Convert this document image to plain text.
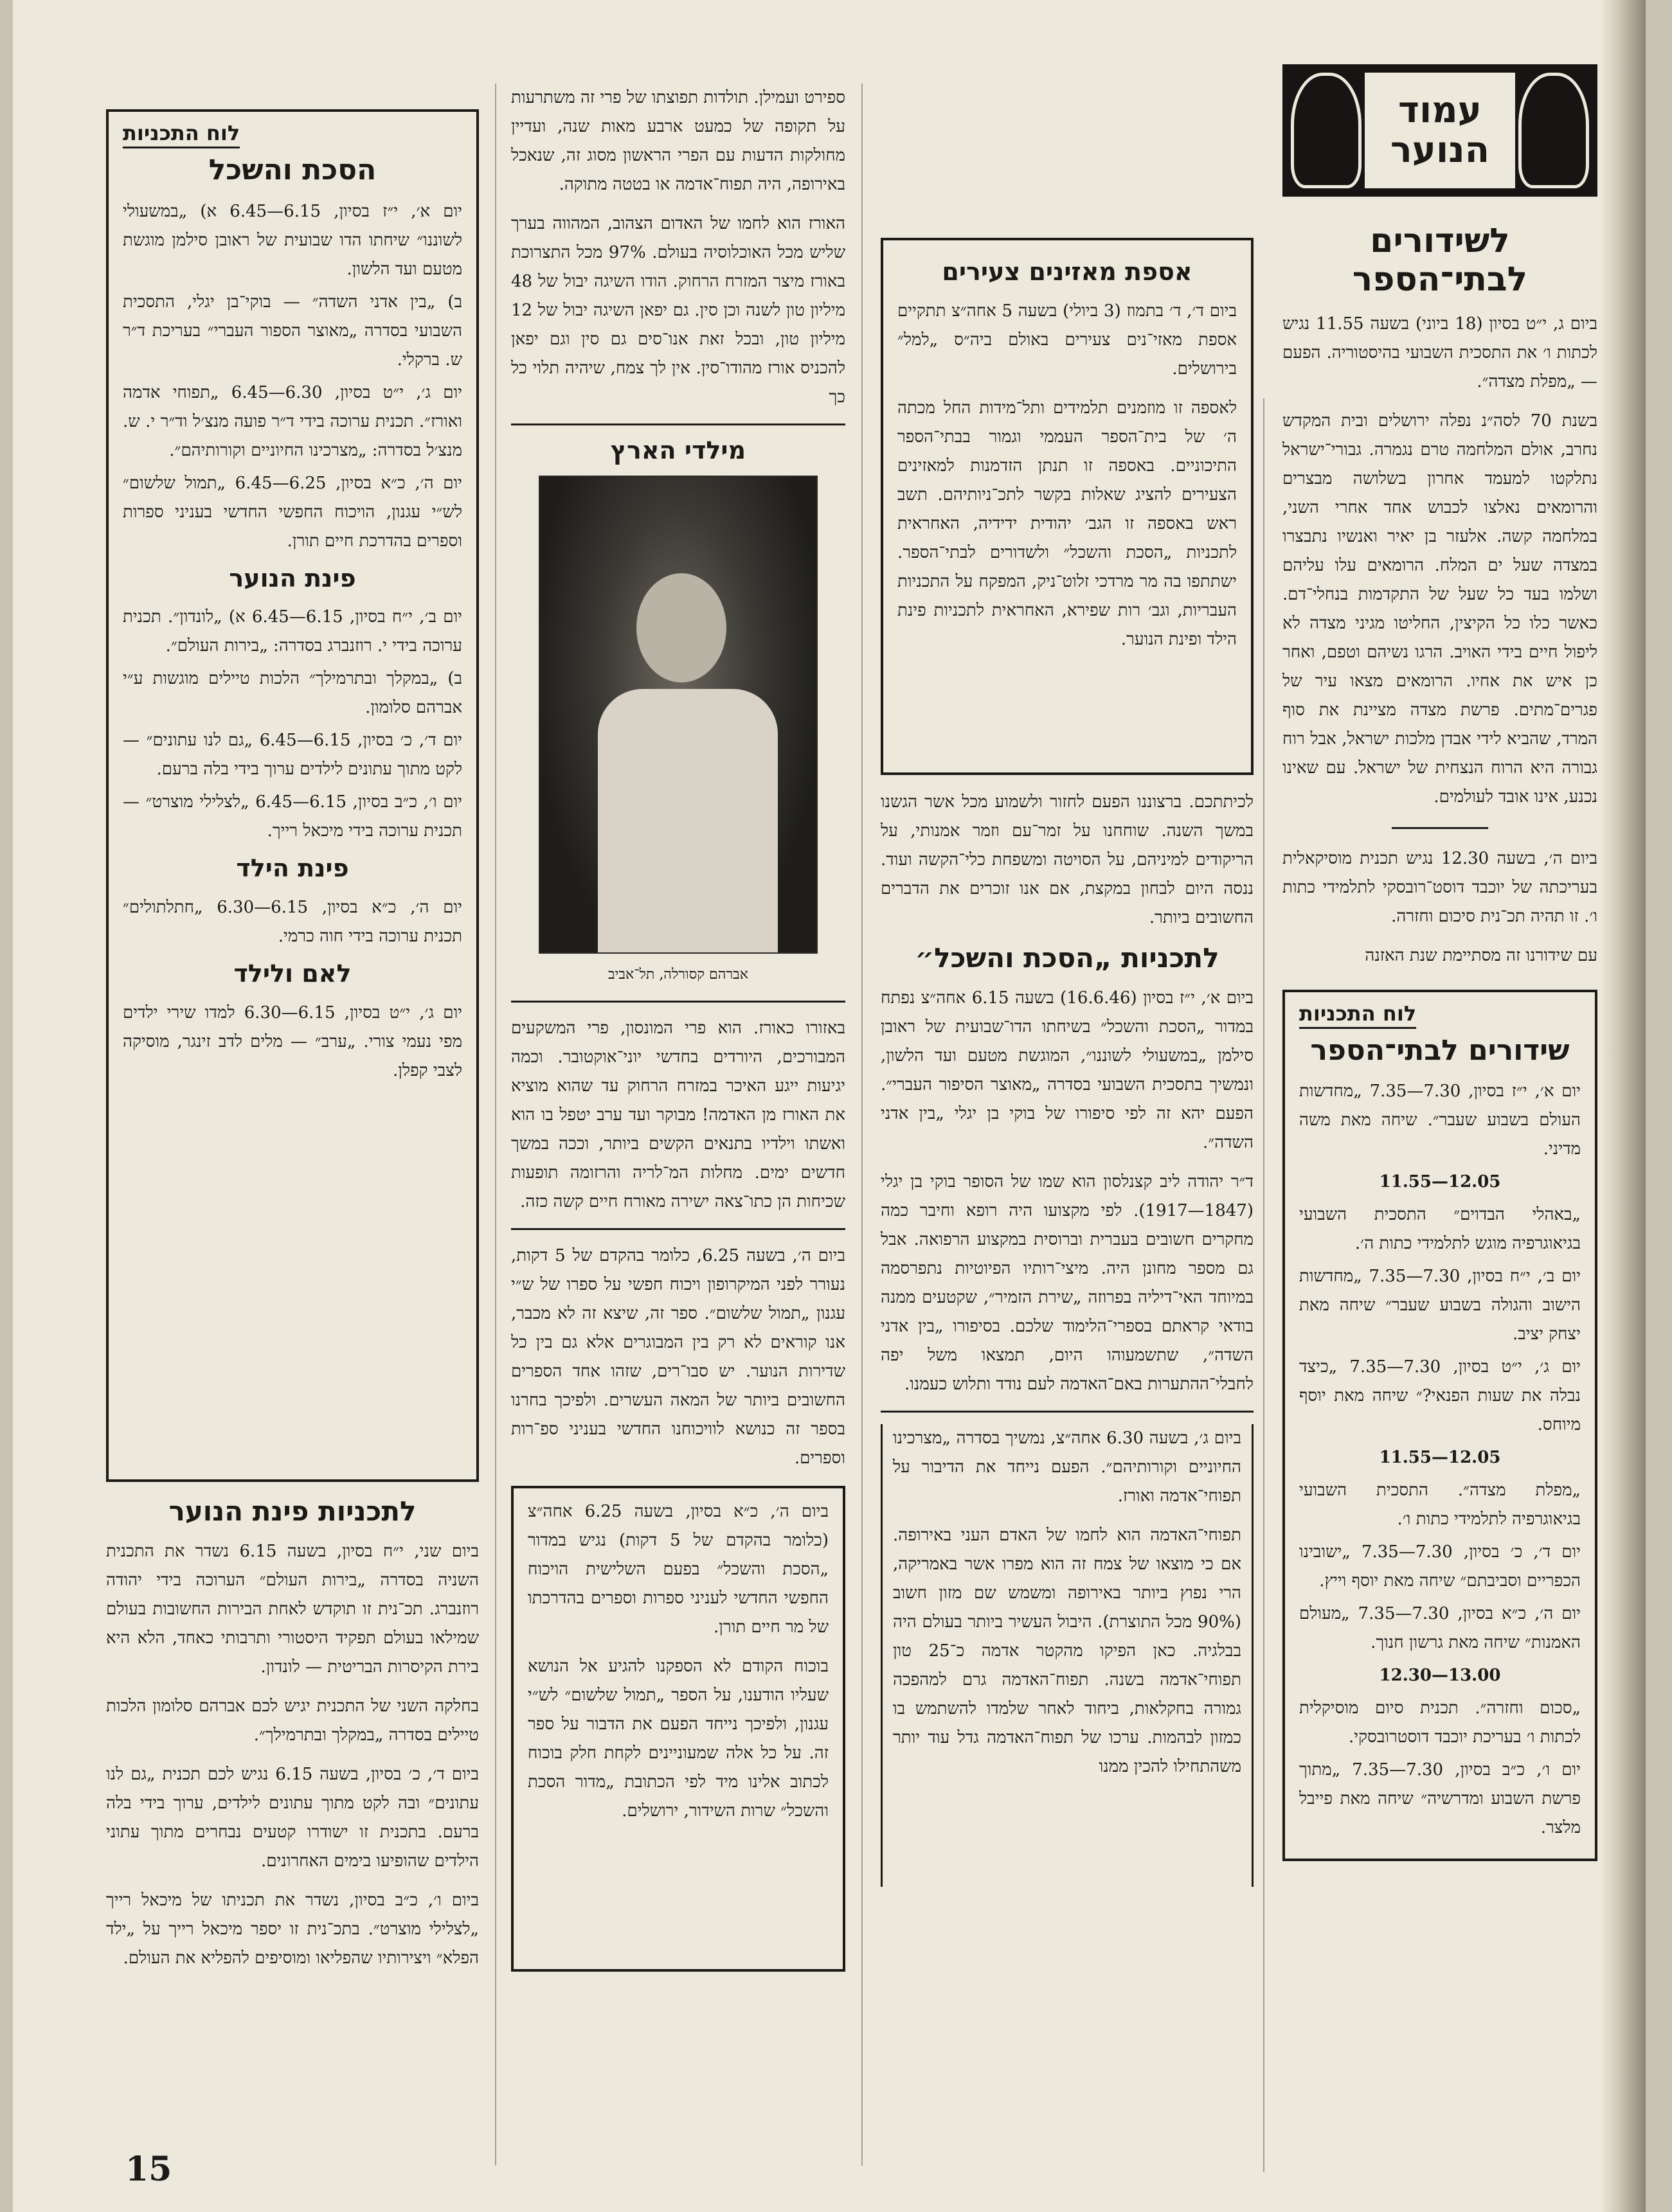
עמוד הנוער
לשידורים לבתי־הספר

ביום ג, י״ט בסיון (18 ביוני) בשעה 11.55 נגיש לכתות ו׳ את התסכית השבועי בהיסטוריה. הפעם — „מפלת מצדה״.

בשנת 70 לסה״נ נפלה ירושלים ובית המקדש נחרב, אולם המלחמה טרם נגמרה. גבורי־ישראל נתלקטו למעמד אחרון בשלושה מבצרים והרומאים נאלצו לכבוש אחד אחרי השני, במלחמה קשה. אלעזר בן יאיר ואנשיו נתבצרו במצדה שעל ים המלח. הרומאים עלו עליהם ושלמו בעד כל שעל של התקדמות בנחלי־דם. כאשר כלו כל הקיצין, החליטו מגיני מצדה לא ליפול חיים בידי האויב. הרגו נשיהם וטפם, ואחר כן איש את אחיו. הרומאים מצאו עיר של פגרים־מתים. פרשת מצדה מציינת את סוף המרד, שהביא לידי אבדן מלכות ישראל, אבל רוח גבורה היא הרוח הנצחית של ישראל. עם שאינו נכנע, אינו אובד לעולמים.

ביום ה׳, בשעה 12.30 נגיש תכנית מוסיקאלית בעריכתה של יוכבד דוסט־רובסקי לתלמידי כתות ו׳. זו תהיה תכ־נית סיכום וחזרה.

עם שידורנו זה מסתיימת שנת האזנה

לוח התכניות
שידורים לבתי־הספר

יום א׳, י״ז בסיון, 7.30—7.35 „מחדשות העולם בשבוע שעבר״. שיחה מאת משה מדיני.

12.05—11.55

„באהלי הבדוים״ התסכית השבועי בגיאוגרפיה מוגש לתלמידי כתות ה׳.

יום ב׳, י״ח בסיון, 7.30—7.35 „מחדשות הישוב והגולה בשבוע שעבר״ שיחה מאת יצחק יציב.

יום ג׳, י״ט בסיון, 7.30—7.35 „כיצד נבלה את שעות הפנאי?״ שיחה מאת יוסף מיוחס.

12.05—11.55

„מפלת מצדה״. התסכית השבועי בגיאוגרפיה לתלמידי כתות ו׳.

יום ד׳, כ׳ בסיון, 7.30—7.35 „ישובינו הכפריים וסביבתם״ שיחה מאת יוסף וייץ.

יום ה׳, כ״א בסיון, 7.30—7.35 „מעולם האמנות״ שיחה מאת גרשון חנוך.

13.00—12.30

„סכום וחזרה״. תכנית סיום מוסיקלית לכתות ו׳ בעריכת יוכבד דוסטרובסקי.

יום ו׳, כ״ב בסיון, 7.30—7.35 „מתוך פרשת השבוע ומדרשיה״ שיחה מאת פייבל מלצר.

אספת מאזינים צעירים

ביום ד׳, ד׳ בתמוז (3 ביולי) בשעה 5 אחה״צ תתקיים אספת מאזי־נים צעירים באולם ביה״ס „למל״ בירושלים.

לאספה זו מוזמנים תלמידים ותל־מידות החל מכתה ה׳ של בית־הספר העממי וגמור בבתי־הספר התיכוניים. באספה זו תנתן הזדמנות למאזינים הצעירים להציג שאלות בקשר לתכ־ניותיהם. תשב ראש באספה זו הגב׳ יהודית ידידיה, האחראית לתכניות „הסכת והשכל״ ולשדורים לבתי־הספר. ישתתפו בה מר מרדכי זלוט־ניק, המפקח על התכניות העבריות, וגב׳ רות שפירא, האחראית לתכניות פינת הילד ופינת הנוער.

לכיתתכם. ברצוננו הפעם לחזור ולשמוע מכל אשר הגשנו במשך השנה. שוחחנו על זמר־עם וזמר אמנותי, על הריקודים למיניהם, על הסויטה ומשפחת כלי־הקשה ועוד. ננסה היום לבחון במקצת, אם אנו זוכרים את הדברים החשובים ביותר.

לתכניות „הסכת והשכל״

ביום א׳, י״ז בסיון (16.6.46) בשעה 6.15 אחה״צ נפתח במדור „הסכת והשכל״ בשיחתו הדו־שבועית של ראובן סילמן „במשעולי לשוננו״, המוגשת מטעם ועד הלשון, ונמשיך בתסכית השבועי בסדרה „מאוצר הסיפור העברי״. הפעם יהא זה לפי סיפורו של בוקי בן יגלי „בין אדני השדה״.

ד״ר יהודה ליב קצנלסון הוא שמו של הסופר בוקי בן יגלי (1847—1917). לפי מקצועו היה רופא וחיבר כמה מחקרים חשובים בעברית וברוסית במקצוע הרפואה. אבל גם מספר מחונן היה. מיצי־רותיו הפיוטיות נתפרסמה במיוחד האי־דיליה בפרוזה „שירת הזמיר״, שקטעים ממנה בודאי קראתם בספרי־הלימוד שלכם. בסיפורו „בין אדני השדה״, שתשמעוהו היום, תמצאו משל יפה לחבלי־ההתערות באם־האדמה לעם נודד ותלוש כעמנו.

ביום ג׳, בשעה 6.30 אחה״צ, נמשיך בסדרה „מצרכינו החיוניים וקורותיהם״. הפעם נייחד את הדיבור על תפוחי־אדמה ואורז.

תפוחי־האדמה הוא לחמו של האדם העני באירופה. אם כי מוצאו של צמח זה הוא מפרו אשר באמריקה, הרי נפוץ ביותר באירופה ומשמש שם מזון חשוב (90% מכל התוצרת). היבול העשיר ביותר בעולם היה בבלגיה. כאן הפיקו מהקטר אדמה כ־25 טון תפוחי־אדמה בשנה. תפוח־האדמה גרם למהפכה גמורה בחקלאות, ביחוד לאחר שלמדו להשתמש בו כמזון לבהמות. ערכו של תפוח־האדמה גדל עוד יותר משהתחילו להכין ממנו

ספירט ועמילן. תולדות תפוצתו של פרי זה משתרעות על תקופה של כמעט ארבע מאות שנה, ועדיין מחולקות הדעות עם הפרי הראשון מסוג זה, שנאכל באירופה, היה תפוח־אדמה או בטטה מתוקה.

האורז הוא לחמו של האדום הצהוב, המהווה בערך שליש מכל האוכלוסיה בעולם. 97% מכל התצרוכת באורז מיצר המזרח הרחוק. הודו השיגה יבול של 48 מיליון טון לשנה וכן סין. גם יפאן השיגה יבול של 12 מיליון טון, ובכל זאת אנו־סים גם סין וגם יפאן להכניס אורז מהודו־סין. אין לך צמח, שיהיה תלוי כל כך

מילדי הארץ

אברהם קסורלה, תל־אביב

באזורו כאורז. הוא פרי המונסון, פרי המשקעים המבורכים, היורדים בחדשי יוני־אוקטובר. וכמה יגיעות ייגע האיכר במזרח הרחוק עד שהוא מוציא את האורז מן האדמה! מבוקר ועד ערב יטפל בו הוא ואשתו וילדיו בתנאים הקשים ביותר, וככה במשך חדשים ימים. מחלות המ־לריה והרזומה תופעות שכיחות הן כתו־צאה ישירה מאורח חיים קשה כזה.

ביום ה׳, בשעה 6.25, כלומר בהקדם של 5 דקות, נעורר לפני המיקרופון ויכוח חפשי על ספרו של ש״י עגנון „תמול שלשום״. ספר זה, שיצא זה לא מכבר, אנו קוראים לא רק בין המבוגרים אלא גם בין כל שדירות הנוער. יש סבו־רים, שזהו אחד הספרים החשובים ביותר של המאה העשרים. ולפיכך בחרנו בספר זה כנושא לוויכוחנו החדשי בעניני ספ־רות וספרים.

ביום ה׳, כ״א בסיון, בשעה 6.25 אחה״צ (כלומר בהקדם של 5 דקות) נגיש במדור „הסכת והשכל״ בפעם השלישית הויכוח החפשי החדשי לעניני ספרות וספרים בהדרכתו של מר חיים תורן.

בוכוח הקודם לא הספקנו להגיע אל הנושא שעליו הודענו, על הספר „תמול שלשום״ לש״י עגנון, ולפיכך נייחד הפעם את הדבור על ספר זה. על כל אלה שמעוניינים לקחת חלק בוכוח לכתוב אלינו מיד לפי הכתובת „מדור הסכת והשכל״ שרות השידור, ירושלים.

לוח התכניות
הסכת והשכל

יום א׳, י״ז בסיון, 6.15—6.45 א) „במשעולי לשוננו״ שיחתו הדו שבועית של ראובן סילמן מוגשת מטעם ועד הלשון.

ב) „בין אדני השדה״ — בוקי־בן יגלי, התסכית השבועי בסדרה „מאוצר הספור העברי״ בעריכת ד״ר ש. ברקלי.

יום ג׳, י״ט בסיון, 6.30—6.45 „תפוחי אדמה ואורז״. תכנית ערוכה בידי ד״ר פועה מנצ׳ל וד״ר י. ש. מנצ׳ל בסדרה: „מצרכינו החיוניים וקורותיהם״.

יום ה׳, כ״א בסיון, 6.25—6.45 „תמול שלשום״ לש״י עגנון, הויכוח החפשי החדשי בעניני ספרות וספרים בהדרכת חיים תורן.

פינת הנוער

יום ב׳, י״ח בסיון, 6.15—6.45 א) „לונדון״. תכנית ערוכה בידי י. רוזנברג בסדרה: „בירות העולם״.

ב) „במקלך ובתרמילך״ הלכות טיילים מוגשות ע״י אברהם סלומון.

יום ד׳, כ׳ בסיון, 6.15—6.45 „גם לנו עתונים״ — לקט מתוך עתונים לילדים ערוך בידי בלה ברעם.

יום ו׳, כ״ב בסיון, 6.15—6.45 „לצלילי מוצרט״ — תכנית ערוכה בידי מיכאל רייך.

פינת הילד

יום ה׳, כ״א בסיון, 6.15—6.30 „חתלתולים״ תכנית ערוכה בידי חוה כרמי.

לאם ולילד

יום ג׳, י״ט בסיון, 6.15—6.30 למדו שירי ילדים מפי נעמי צורי. „ערב״ — מלים לדב זינגר, מוסיקה לצבי קפלן.

לתכניות פינת הנוער

ביום שני, י״ח בסיון, בשעה 6.15 נשדר את התכנית השניה בסדרה „בירות העולם״ הערוכה בידי יהודה רוזנברג. תכ־נית זו תוקדש לאחת הבירות החשובות בעולם שמילאו בעולם תפקיד היסטורי ותרבותי כאחד, הלא היא בירת הקיסרות הבריטית — לונדון.

בחלקה השני של התכנית יגיש לכם אברהם סלומון הלכות טיילים בסדרה „במקלך ובתרמילך״.

ביום ד׳, כ׳ בסיון, בשעה 6.15 נגיש לכם תכנית „גם לנו עתונים״ ובה לקט מתוך עתונים לילדים, ערוך בידי בלה ברעם. בתכנית זו ישודרו קטעים נבחרים מתוך עתוני הילדים שהופיעו בימים האחרונים.

ביום ו׳, כ״ב בסיון, נשדר את תכניתו של מיכאל רייך „לצלילי מוצרט״. בתכ־נית זו יספר מיכאל רייך על „ילד הפלא״ ויצירותיו שהפליאו ומוסיפים להפליא את העולם.

15
